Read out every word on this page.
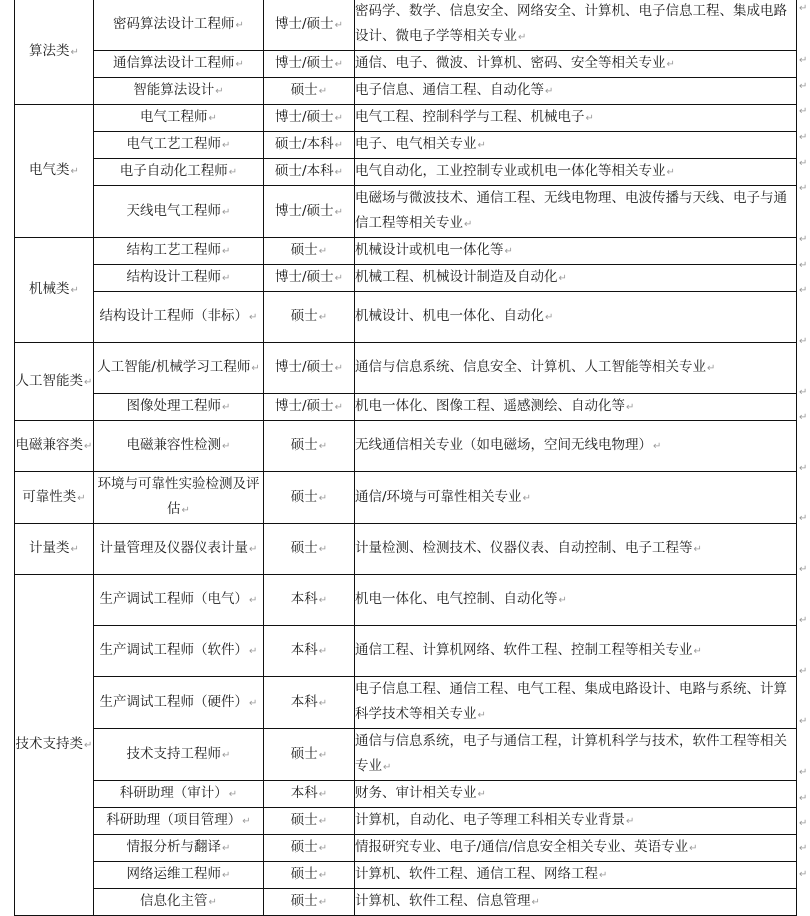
算法类↵	密码算法设计工程师↵	博士/硕士↵	密码学、数学、信息安全、网络安全、计算机、电子信息工程、集成电路设计、微电子学等相关专业↵
	通信算法设计工程师↵	博士/硕士↵	通信、电子、微波、计算机、密码、安全等相关专业↵
	智能算法设计↵	硕士↵	电子信息、通信工程、自动化等↵
电气类↵	电气工程师↵	博士/硕士↵	电气工程、控制科学与工程、机械电子↵
	电气工艺工程师↵	硕士/本科↵	电子、电气相关专业↵
	电子自动化工程师↵	硕士/本科↵	电气自动化，工业控制专业或机电一体化等相关专业↵
	天线电气工程师↵	博士/硕士↵	电磁场与微波技术、通信工程、无线电物理、电波传播与天线、电子与通信工程等相关专业↵
机械类↵	结构工艺工程师↵	硕士↵	机械设计或机电一体化等↵
	结构设计工程师↵	博士/硕士↵	机械工程、机械设计制造及自动化↵
	结构设计工程师（非标）↵	硕士↵	机械设计、机电一体化、自动化↵
人工智能类↵	人工智能/机械学习工程师↵	博士/硕士↵	通信与信息系统、信息安全、计算机、人工智能等相关专业↵
	图像处理工程师↵	博士/硕士↵	机电一体化、图像工程、遥感测绘、自动化等↵
电磁兼容类↵	电磁兼容性检测↵	硕士↵	无线通信相关专业（如电磁场，空间无线电物理）↵
可靠性类↵	环境与可靠性实验检测及评估↵	硕士↵	通信/环境与可靠性相关专业↵
计量类↵	计量管理及仪器仪表计量↵	硕士↵	计量检测、检测技术、仪器仪表、自动控制、电子工程等↵
技术支持类↵	生产调试工程师（电气）↵	本科↵	机电一体化、电气控制、自动化等↵
	生产调试工程师（软件）↵	本科↵	通信工程、计算机网络、软件工程、控制工程等相关专业↵
	生产调试工程师（硬件）↵	本科↵	电子信息工程、通信工程、电气工程、集成电路设计、电路与系统、计算科学技术等相关专业↵
	技术支持工程师↵	硕士↵	通信与信息系统，电子与通信工程，计算机科学与技术，软件工程等相关专业↵
	科研助理（审计）↵	本科↵	财务、审计相关专业↵
	科研助理（项目管理）↵	硕士↵	计算机，自动化、电子等理工科相关专业背景↵
	情报分析与翻译↵	硕士↵	情报研究专业、电子/通信/信息安全相关专业、英语专业↵
	网络运维工程师↵	硕士↵	计算机、软件工程、通信工程、网络工程↵
	信息化主管↵	硕士↵	计算机、软件工程、信息管理↵
↵
↵
↵
↵
↵
↵
↵
↵
↵
↵
↵
↵
↵
↵
↵
↵
↵
↵
↵
↵
↵
↵
↵
↵
